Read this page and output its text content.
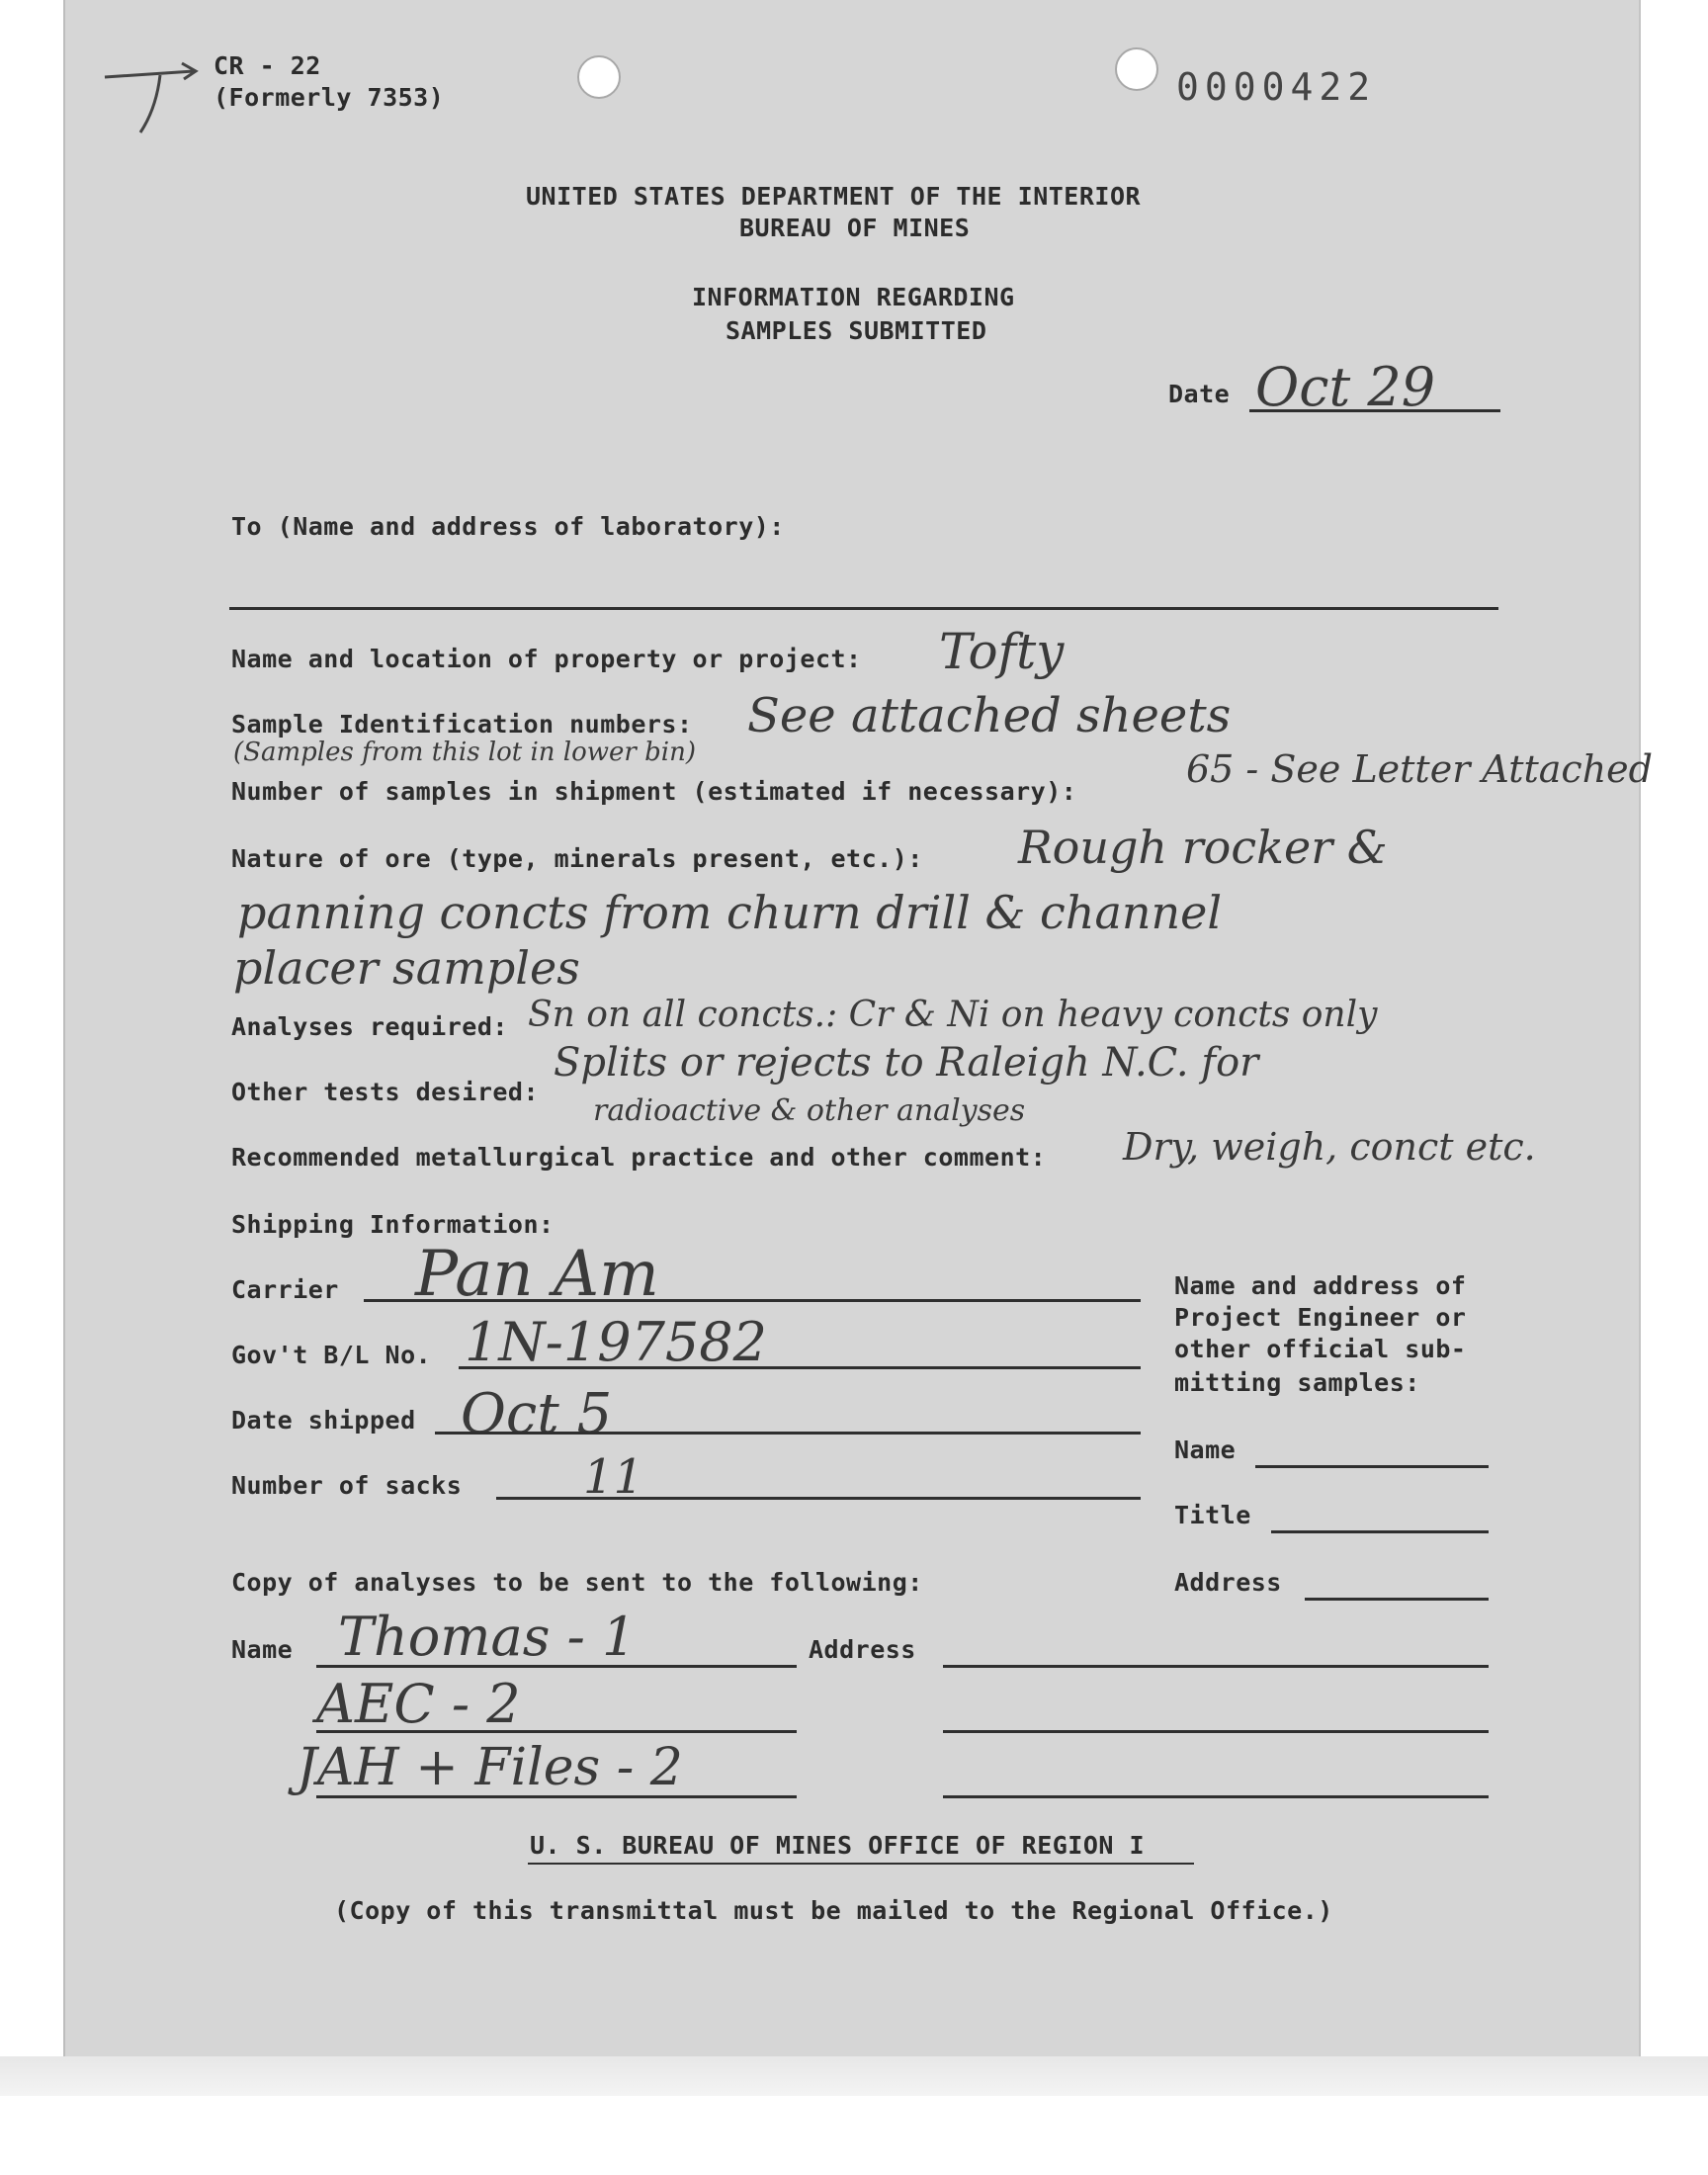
CR - 22
(Formerly 7353)	0000422
UNITED STATES DEPARTMENT OF THE INTERIOR
BUREAU OF MINES
INFORMATION REGARDING
SAMPLES SUBMITTED
Date Oct 29
To (Name and address of laboratory):
Name and location of property or project: Tofty
Sample Identification numbers: See attached sheets
(Samples from this lot in lower bin)
Number of samples in shipment (estimated if necessary):
65 - See Letter Attached
Nature of ore (type, minerals present, etc.): Rough rocker &
panning concts from churn drill & channel
placer samples
Analyses required: Sn on all concts.: Cr & Ni on heavy concts only
Other tests desired:
Splits or rejects to Raleigh N.C. for
radioactive & other analyses
Recommended metallurgical practice and other comment: Dry, weigh, conct etc.
Shipping Information:
Carrier Pan Am
Gov't B/L No. 1N-197582
Date shipped Oct 5
Number of sacks	11
Name and address of
Project Engineer or
other official sub-
mitting samples:
Name
Title
Address
Copy of analyses to be sent to the following:
Name Thomas - 1	Address
AEC - 2
JAH + Files - 2
U. S. BUREAU OF MINES OFFICE OF REGION I
(Copy of this transmittal must be mailed to the Regional Office.)
